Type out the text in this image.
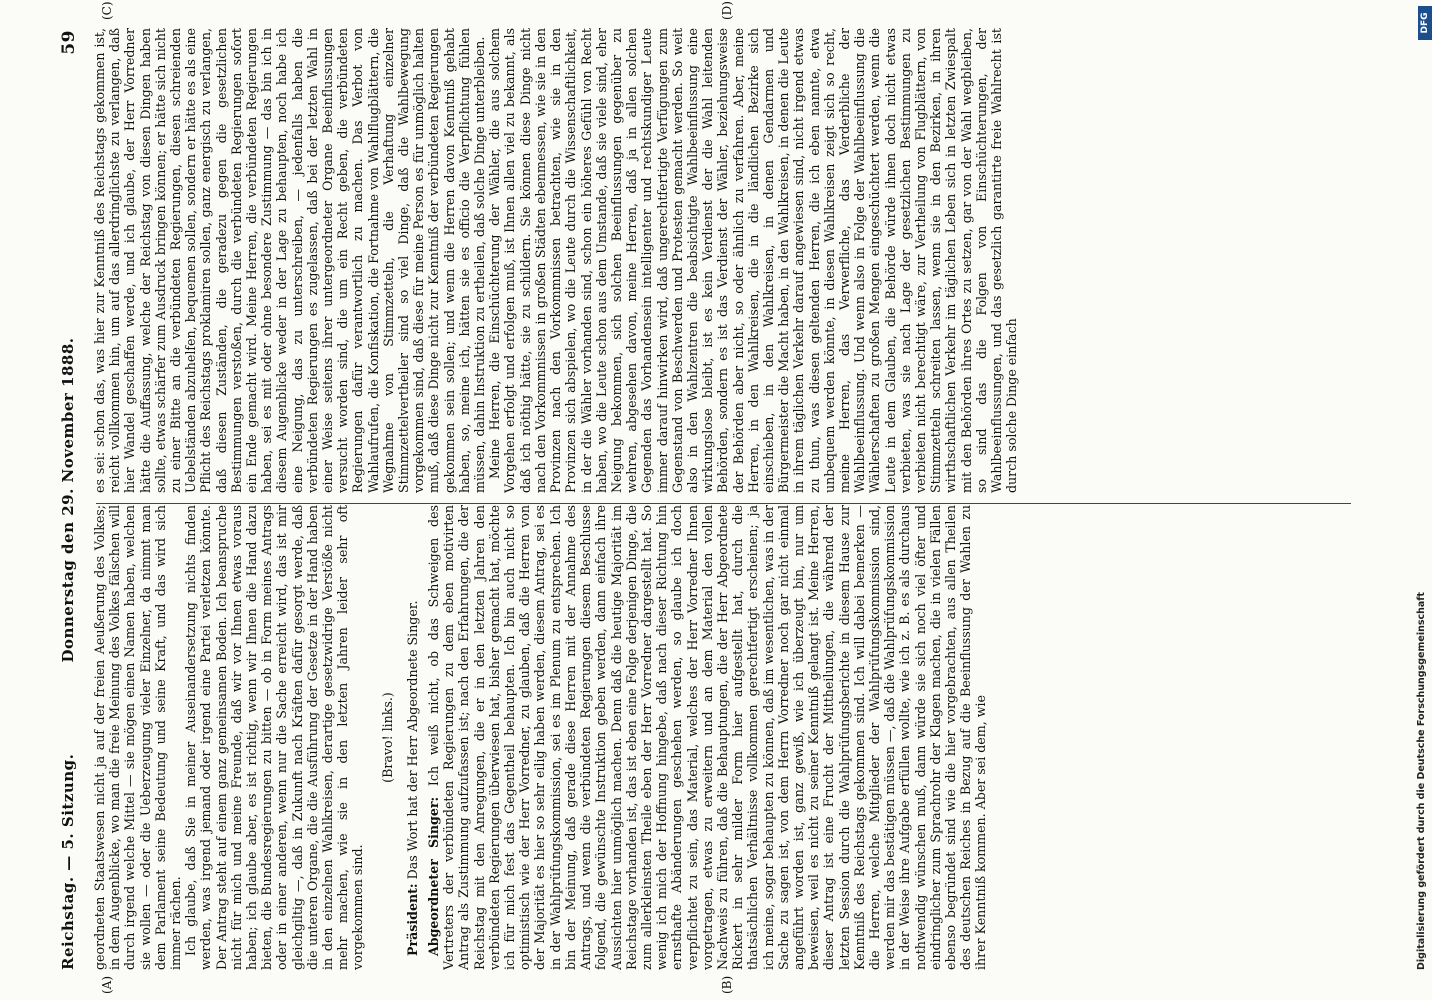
Reichstag. — 5. Sitzung.
Donnerstag den 29. November 1888.
59
(A)	(B)
(C)	(D)

geordneten Staatswesen nicht ja auf der freien Aeußerung des Volkes; in dem Augenblicke, wo man die freie Meinung des Volkes fälschen will durch irgend welche Mittel — sie mögen einen Namen haben, welchen sie wollen — oder die Ueberzeugung vieler Einzelner, da nimmt man dem Parlament seine Bedeutung und seine Kraft, und das wird sich immer rächen. Ich glaube, daß Sie in meiner Auseinandersetzung nichts finden werden, was irgend jemand oder irgend eine Partei verletzen könnte. Der Antrag steht auf einem ganz gemeinsamen Boden. Ich beanspruche nicht für mich und meine Freunde, daß wir vor Ihnen etwas voraus haben; ich glaube aber, es ist richtig, wenn wir Ihnen die Hand dazu bieten, die Bundesregierungen zu bitten — ob in Form meines Antrags oder in einer anderen, wenn nur die Sache erreicht wird, das ist mir gleichgiltig —, daß in Zukunft nach Kräften dafür gesorgt werde, daß die unteren Organe, die die Ausführung der Gesetze in der Hand haben in den einzelnen Wahlkreisen, derartige gesetzwidrige Verstöße nicht mehr machen, wie sie in den letzten Jahren leider sehr oft vorgekommen sind.

(Bravo! links.)

Präsident: Das Wort hat der Herr Abgeordnete Singer. Abgeordneter Singer: Ich weiß nicht, ob das Schweigen des Vertreters der verbündeten Regierungen zu dem eben motivirten Antrag als Zustimmung aufzufassen ist; nach den Erfahrungen, die der Reichstag mit den Anregungen, die er in den letzten Jahren den verbündeten Regierungen überwiesen hat, bisher gemacht hat, möchte ich für mich fest das Gegentheil behaupten. Ich bin auch nicht so optimistisch wie der Herr Vorredner, zu glauben, daß die Herren von der Majorität es hier so sehr eilig haben werden, diesem Antrag, sei es in der Wahlprüfungskommission, sei es im Plenum zu entsprechen. Ich bin der Meinung, daß gerade diese Herren mit der Annahme des Antrags, und wenn die verbündeten Regierungen diesem Beschlusse folgend, die gewünschte Instruktion geben werden, dann einfach ihre Aussichten hier unmöglich machen. Denn daß die heutige Majorität im Reichstage vorhanden ist, das ist eben eine Folge derjenigen Dinge, die zum allerkleinsten Theile eben der Herr Vorredner dargestellt hat. So wenig ich mich der Hoffnung hingebe, daß nach dieser Richtung hin ernsthafte Abänderungen geschehen werden, so glaube ich doch verpflichtet zu sein, das Material, welches der Herr Vorredner Ihnen vorgetragen, etwas zu erweitern und an dem Material den vollen Nachweis zu führen, daß die Behauptungen, die der Herr Abgeordnete Rickert in sehr milder Form hier aufgestellt hat, durch die thatsächlichen Verhältnisse vollkommen gerechtfertigt erscheinen; ja ich meine, sogar behaupten zu können, daß im wesentlichen, was in der Sache zu sagen ist, von dem Herrn Vorredner noch gar nicht einmal angeführt worden ist, ganz gewiß, wie ich überzeugt bin, nur um beweisen, weil es nicht zu seiner Kenntniß gelangt ist. Meine Herren, dieser Antrag ist eine Frucht der Mittheilungen, die während der letzten Session durch die Wahlprüfungsberichte in diesem Hause zur Kenntniß des Reichstags gekommen sind. Ich will dabei bemerken — die Herren, welche Mitglieder der Wahlprüfungskommission sind, werden mir das bestätigen müssen —, daß die Wahlprüfungskommission in der Weise ihre Aufgabe erfüllen wollte, wie ich z. B. es als durchaus nothwendig wünschen muß, dann würde sie sich noch viel öfter und eindringlicher zum Sprachrohr der Klagen machen, die in vielen Fällen ebenso begründet sind wie die hier vorgebrachten, aus allen Theilen des deutschen Reiches in Bezug auf die Beeinflussung der Wahlen zu ihrer Kenntniß kommen. Aber sei dem, wie

es sei: schon das, was hier zur Kenntniß des Reichstags gekommen ist, reicht vollkommen hin, um auf das allerdringlichste zu verlangen, daß hier Wandel geschaffen werde, und ich glaube, der Herr Vorredner hätte die Auffassung, welche der Reichstag von diesen Dingen haben sollte, etwas schärfer zum Ausdruck bringen können; er hätte sich nicht zu einer Bitte an die verbündeten Regierungen, diesen schreienden Uebelständen abzuhelfen, bequemen sollen, sondern er hätte es als eine Pflicht des Reichstags proklamiren sollen, ganz energisch zu verlangen, daß diesen Zuständen, die geradezu gegen die gesetzlichen Bestimmungen verstoßen, durch die verbündeten Regierungen sofort ein Ende gemacht wird. Meine Herren, die verbündeten Regierungen haben, sei es mit oder ohne besondere Zustimmung — das bin ich in diesem Augenblicke weder in der Lage zu behaupten, noch habe ich eine Neigung, das zu unterschreiben, — jedenfalls haben die verbündeten Regierungen es zugelassen, daß bei der letzten Wahl in einer Weise seitens ihrer untergeordneter Organe Beeinflussungen versucht worden sind, die um ein Recht geben, die verbündeten Regierungen dafür verantwortlich zu machen. Das Verbot von Wahlaufrufen, die Konfiskation, die Fortnahme von Wahlflugblättern, die Wegnahme von Stimmzetteln, die Verhaftung einzelner Stimmzettelvertheiler sind so viel Dinge, daß die Wahlbewegung vorgekommen sind, daß diese für meine Person es für unmöglich halten muß, daß diese Dinge nicht zur Kenntniß der verbündeten Regierungen gekommen sein sollen; und wenn die Herren davon Kenntniß gehabt haben, so, meine ich, hätten sie es officio die Verpflichtung fühlen müssen, dahin Instruktion zu ertheilen, daß solche Dinge unterbleiben. Meine Herren, die Einschüchterung der Wähler, die aus solchem Vorgehen erfolgt und erfolgen muß, ist Ihnen allen viel zu bekannt, als daß ich nöthig hätte, sie zu schildern. Sie können diese Dinge nicht nach den Vorkommnissen in großen Städten ebenmessen, wie sie in den Provinzen nach den Vorkommnissen betrachten, wie sie in den Provinzen sich abspielen, wo die Leute durch die Wissenschaftlichkeit, in der die Wähler vorhanden sind, schon ein höheres Gefühl von Recht haben, wo die Leute schon aus dem Umstande, daß sie viele sind, eher Neigung bekommen, sich solchen Beeinflussungen gegenüber zu wehren, abgesehen davon, meine Herren, daß ja in allen solchen Gegenden das Vorhandensein intelligenter und rechtskundiger Leute immer darauf hinwirken wird, daß ungerechtfertigte Verfügungen zum Gegenstand von Beschwerden und Protesten gemacht werden. So weit also in den Wahlzentren die beabsichtigte Wahlbeeinflussung eine wirkungslose bleibt, ist es kein Verdienst der die Wahl leitenden Behörden, sondern es ist das Verdienst der Wähler, beziehungsweise der Behörden aber nicht, so oder ähnlich zu verfahren. Aber, meine Herren, in den Wahlkreisen, die in die ländlichen Bezirke sich einschieben, in den Wahlkreisen, in denen Gendarmen und Bürgermeister die Macht haben, in den Wahlkreisen, in denen die Leute in ihrem täglichen Verkehr darauf angewiesen sind, nicht irgend etwas zu thun, was diesen geltenden Herren, die ich eben nannte, etwa unbequem werden könnte, in diesen Wahlkreisen zeigt sich so recht, meine Herren, das Verwerfliche, das Verderbliche der Wahlbeeinflussung. Und wenn also in Folge der Wahlbeeinflussung die Wählerschaften zu großen Mengen eingeschüchtert werden, wenn die Leute in dem Glauben, die Behörde würde ihnen doch nicht etwas verbieten, was sie nach Lage der gesetzlichen Bestimmungen zu verbieten nicht berechtigt wäre, zur Vertheilung von Flugblättern, von Stimmzetteln schreiten lassen, wenn sie in den Bezirken, in ihren wirthschaftlichen Verkehr im täglichen Leben sich in letzten Zwiespalt mit den Behörden ihres Ortes zu setzen, gar von der Wahl wegbleiben, so sind das die Folgen von Einschüchterungen, der Wahlbeeinflussungen, und das gesetzlich garantirte freie Wahlrecht ist durch solche Dinge einfach

Digitalisierung gefördert durch die Deutsche Forschungsgemeinschaft
DFG
